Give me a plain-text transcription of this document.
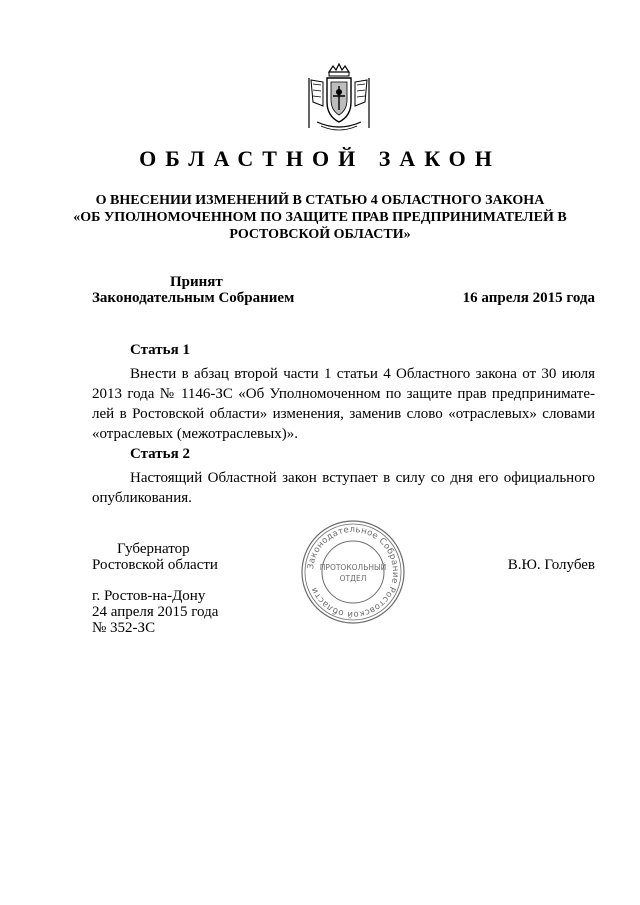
ОБЛАСТНОЙ ЗАКОН
О ВНЕСЕНИИ ИЗМЕНЕНИЙ В СТАТЬЮ 4 ОБЛАСТНОГО ЗАКОНА
«ОБ УПОЛНОМОЧЕННОМ ПО ЗАЩИТЕ ПРАВ ПРЕДПРИНИМАТЕЛЕЙ В
РОСТОВСКОЙ ОБЛАСТИ»
Принят
Законодательным Собранием	16 апреля 2015 года
Статья 1
Внести в абзац второй части 1 статьи 4 Областного закона от 30 июля 2013 года № 1146-ЗС «Об Уполномоченном по защите прав предпринимате-лей в Ростовской области» изменения, заменив слово «отраслевых» словами «отраслевых (межотраслевых)».
Статья 2
Настоящий Областной закон вступает в силу со дня его официального опубликования.
Губернатор
Ростовской области	В.Ю. Голубев
г. Ростов-на-Дону
24 апреля 2015 года
№ 352-ЗС
Законодательное Собрание Ростовской области
ПРОТОКОЛЬНЫЙ
ОТДЕЛ
